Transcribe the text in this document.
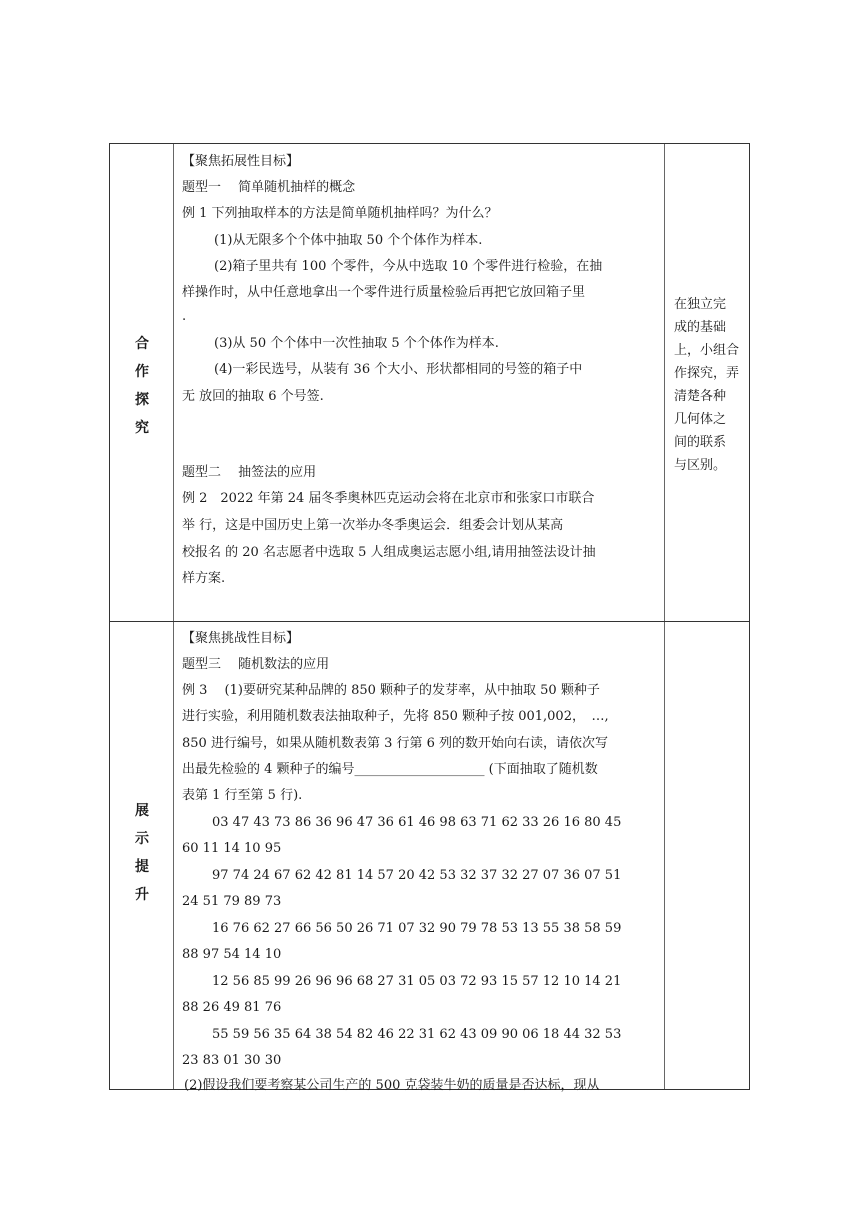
合
作
探
究
【聚焦拓展性目标】
题型一　 简单随机抽样的概念
例 1 下列抽取样本的方法是简单随机抽样吗？为什么？
(1)从无限多个个体中抽取 50 个个体作为样本.
(2)箱子里共有 100 个零件，今从中选取 10 个零件进行检验，在抽
样操作时，从中任意地拿出一个零件进行质量检验后再把它放回箱子里
.
(3)从 50 个个体中一次性抽取 5 个个体作为样本.
(4)一彩民选号，从装有 36 个大小、形状都相同的号签的箱子中
无 放回的抽取 6 个号签.
题型二　 抽签法的应用
例 2　2022 年第 24 届冬季奥林匹克运动会将在北京市和张家口市联合
举 行，这是中国历史上第一次举办冬季奥运会．组委会计划从某高
校报名 的 20 名志愿者中选取 5 人组成奥运志愿小组,请用抽签法设计抽
样方案.
在独立完
成的基础
上，小组合
作探究，弄
清楚各种
几何体之
间的联系
与区别。
展
示
提
升
【聚焦挑战性目标】
题型三　 随机数法的应用
例 3　 (1)要研究某种品牌的 850 颗种子的发芽率，从中抽取 50 颗种子
进行实验，利用随机数表法抽取种子，先将 850 颗种子按 001,002，　…,
850 进行编号，如果从随机数表第 3 行第 6 列的数开始向右读，请依次写
出最先检验的 4 颗种子的编号____________________ (下面抽取了随机数
表第 1 行至第 5 行).
03 47 43 73 86 36 96 47 36 61 46 98 63 71 62 33 26 16 80 45
60 11 14 10 95
97 74 24 67 62 42 81 14 57 20 42 53 32 37 32 27 07 36 07 51
24 51 79 89 73
16 76 62 27 66 56 50 26 71 07 32 90 79 78 53 13 55 38 58 59
88 97 54 14 10
12 56 85 99 26 96 96 68 27 31 05 03 72 93 15 57 12 10 14 21
88 26 49 81 76
55 59 56 35 64 38 54 82 46 22 31 62 43 09 90 06 18 44 32 53
23 83 01 30 30
(2)假设我们要考察某公司生产的 500 克袋装牛奶的质量是否达标，现从
